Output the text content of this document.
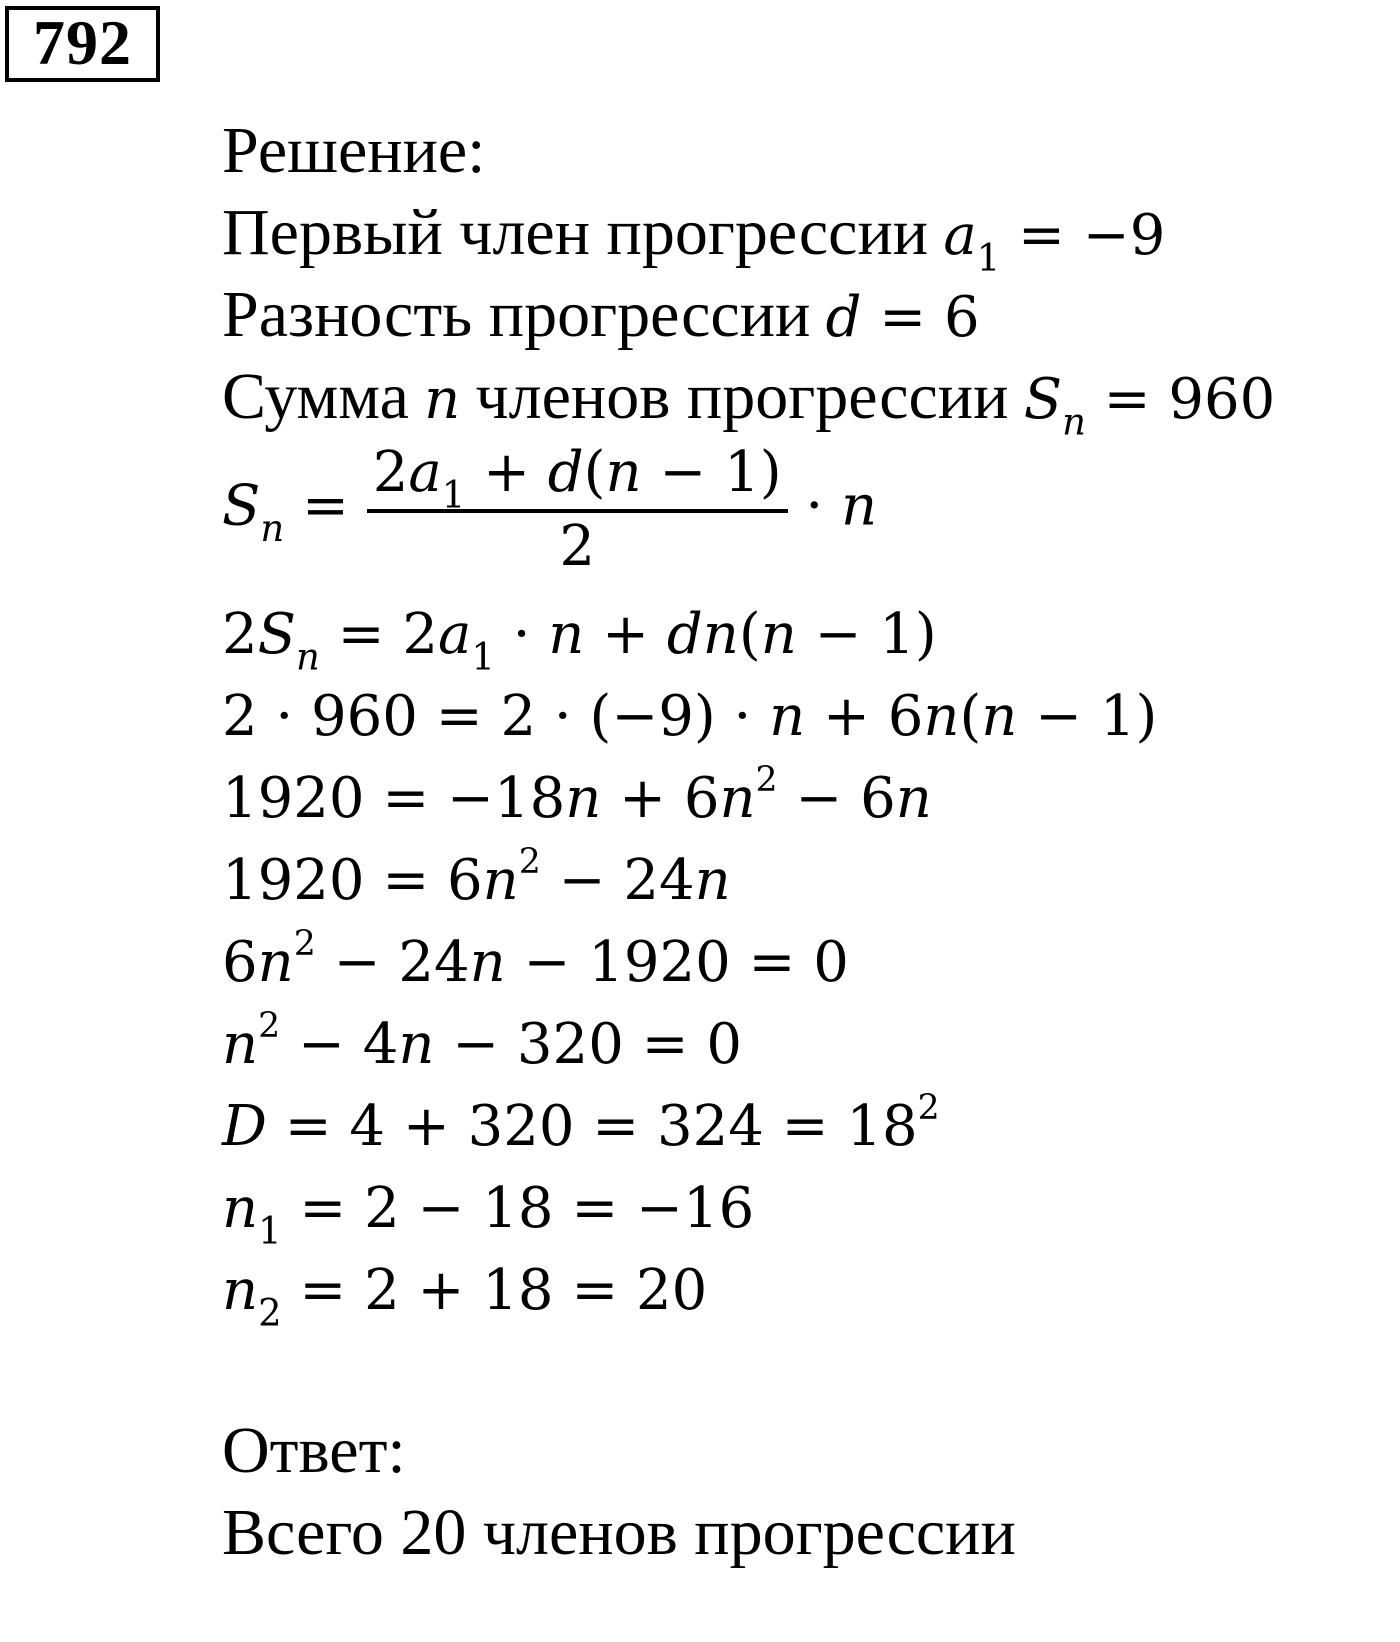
792
Решение:
Первый член прогрессии $a_1 = -9$
Разность прогрессии d = 6
Сумма n членов прогрессии $S_n = 960$
$S_n = \frac{2a_1 + d(n - 1)}{2} \cdot n$
$2S_n = 2a_1 \cdot n + dn(n - 1)$
2 · 960 = 2 · (−9) · n + 6n(n − 1)
$1920 = -18n + 6n^2 - 6n$
$1920 = 6n^2 - 24n$
$6n^2 - 24n - 1920 = 0$
$n^2 - 4n - 320 = 0$
$D = 4 + 320 = 324 = 18^2$
$n_1 = 2 - 18 = -16$
$n_2 = 2 + 18 = 20$
Ответ:
Всего 20 членов прогрессии
